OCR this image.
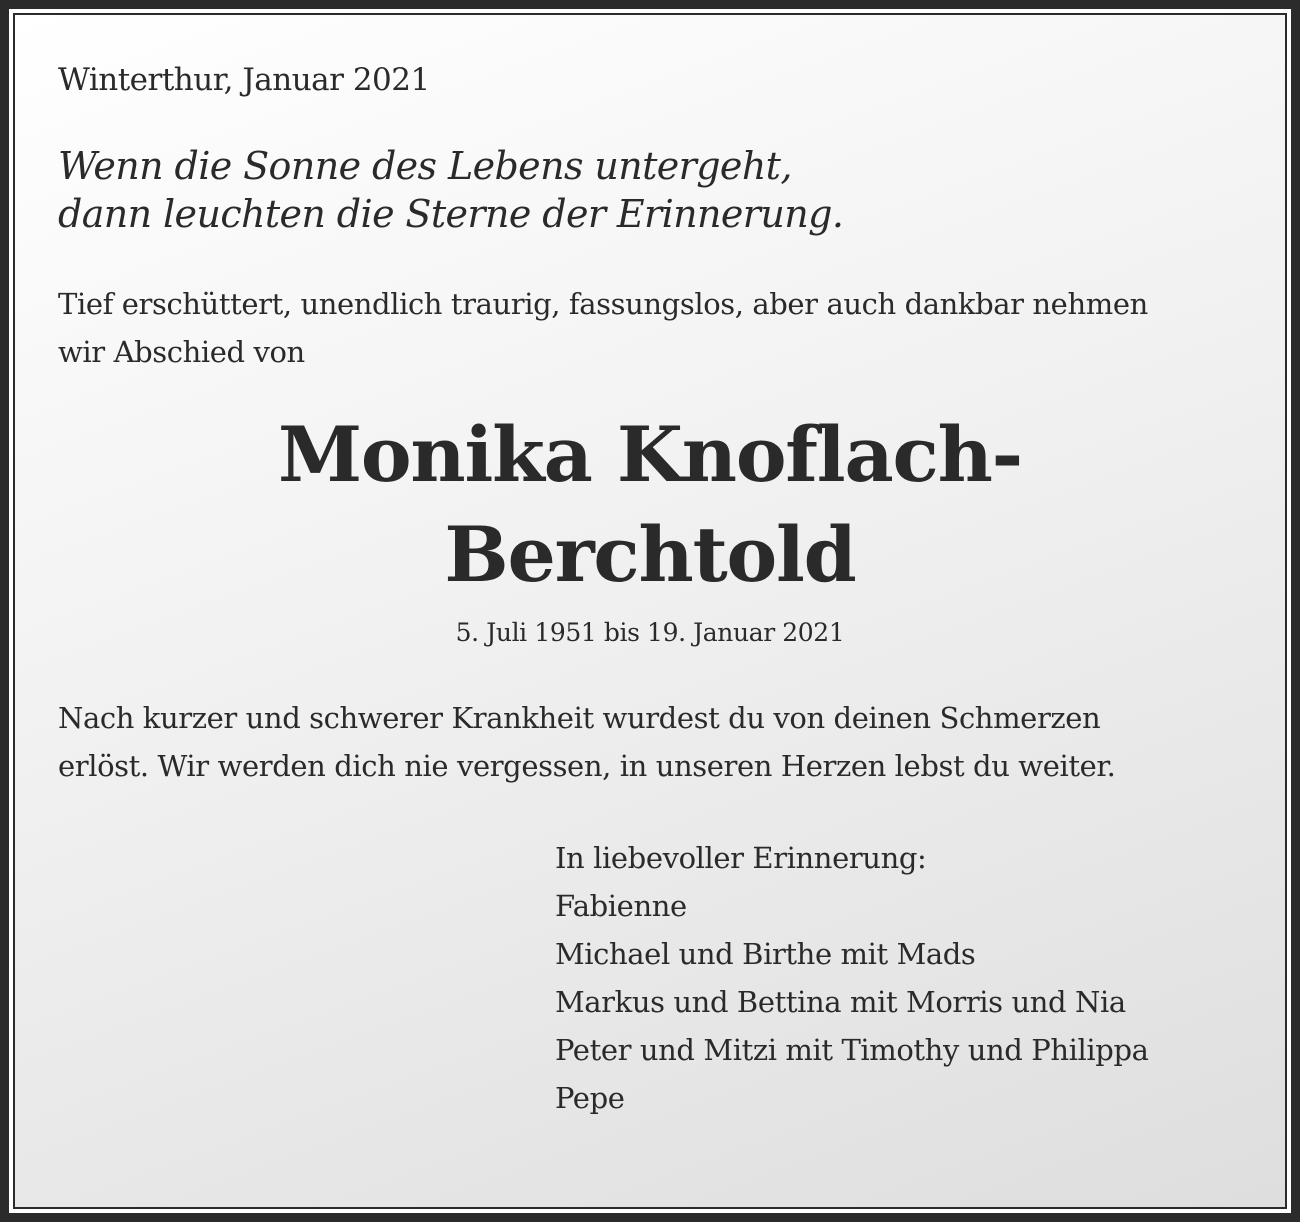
Winterthur, Januar 2021
Wenn die Sonne des Lebens untergeht,
dann leuchten die Sterne der Erinnerung.
Tief erschüttert, unendlich traurig, fassungslos, aber auch dankbar nehmen
wir Abschied von
Monika Knoflach-
Berchtold
5. Juli 1951 bis 19. Januar 2021
Nach kurzer und schwerer Krankheit wurdest du von deinen Schmerzen
erlöst. Wir werden dich nie vergessen, in unseren Herzen lebst du weiter.
In liebevoller Erinnerung:
Fabienne
Michael und Birthe mit Mads
Markus und Bettina mit Morris und Nia
Peter und Mitzi mit Timothy und Philippa
Pepe
